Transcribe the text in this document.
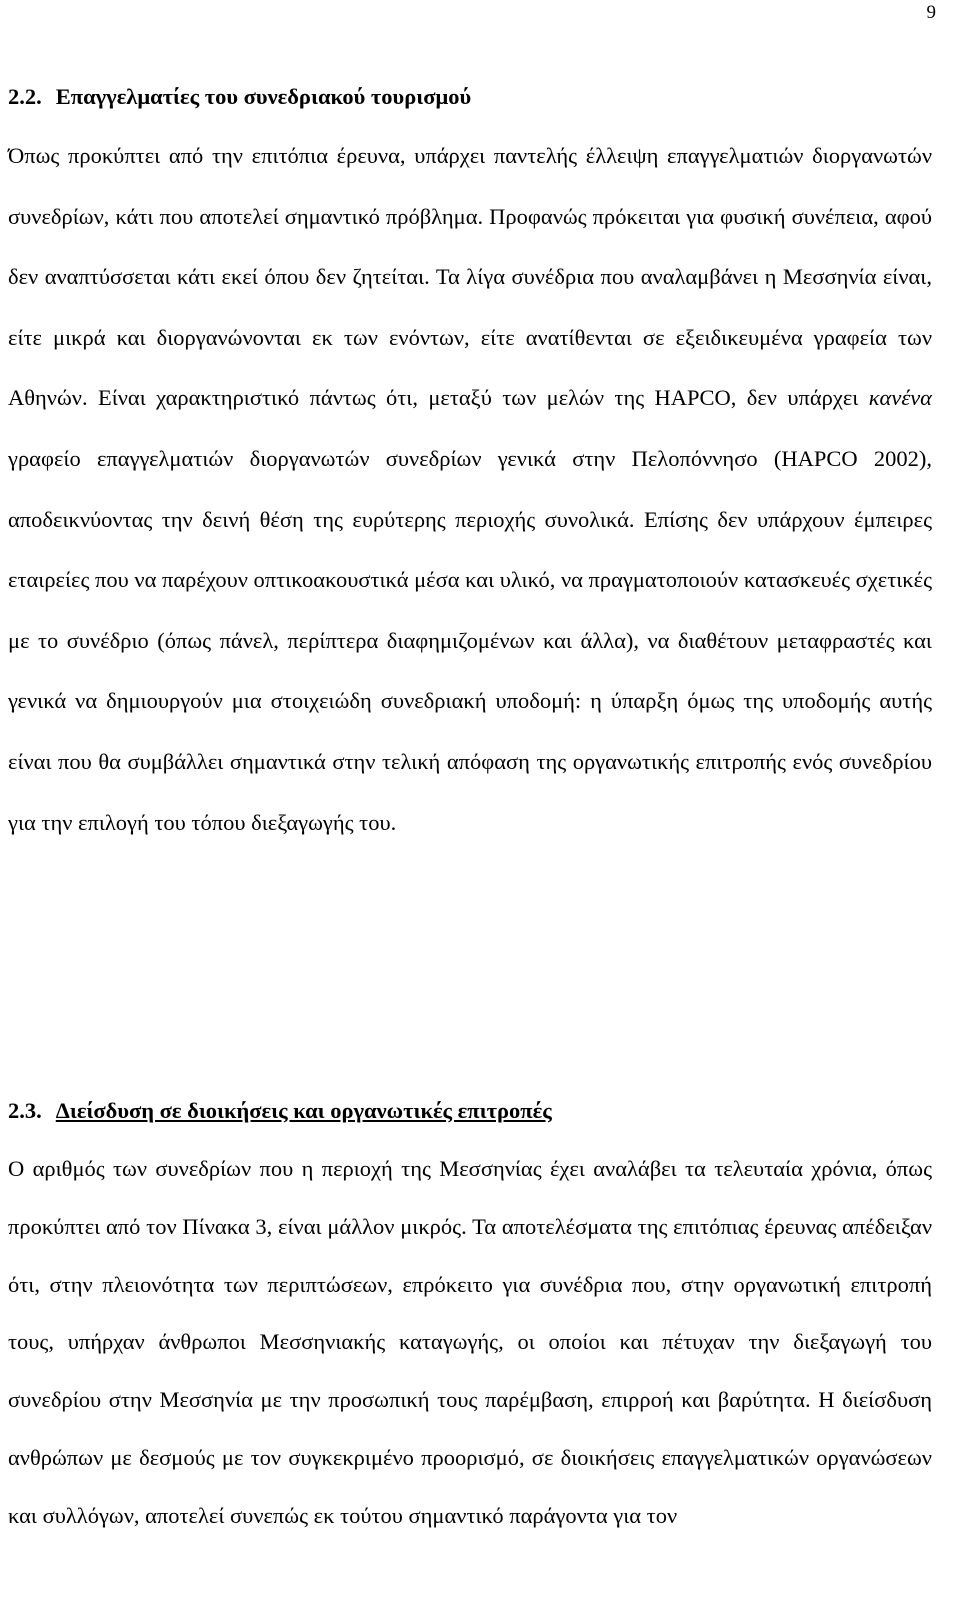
9
2.2. Επαγγελματίες του συνεδριακού τουρισμού

Όπως προκύπτει από την επιτόπια έρευνα, υπάρχει παντελής έλλειψη επαγγελματιών διοργανωτών συνεδρίων, κάτι που αποτελεί σημαντικό πρόβλημα. Προφανώς πρόκειται για φυσική συνέπεια, αφού δεν αναπτύσσεται κάτι εκεί όπου δεν ζητείται. Τα λίγα συνέδρια που αναλαμβάνει η Μεσσηνία είναι, είτε μικρά και διοργανώνονται εκ των ενόντων, είτε ανατίθενται σε εξειδικευμένα γραφεία των Αθηνών. Είναι χαρακτηριστικό πάντως ότι, μεταξύ των μελών της HAPCO, δεν υπάρχει κανένα γραφείο επαγγελματιών διοργανωτών συνεδρίων γενικά στην Πελοπόννησο (HAPCO 2002), αποδεικνύοντας την δεινή θέση της ευρύτερης περιοχής συνολικά. Επίσης δεν υπάρχουν έμπειρες εταιρείες που να παρέχουν οπτικοακουστικά μέσα και υλικό, να πραγματοποιούν κατασκευές σχετικές με το συνέδριο (όπως πάνελ, περίπτερα διαφημιζομένων και άλλα), να διαθέτουν μεταφραστές και γενικά να δημιουργούν μια στοιχειώδη συνεδριακή υποδομή: η ύπαρξη όμως της υποδομής αυτής είναι που θα συμβάλλει σημαντικά στην τελική απόφαση της οργανωτικής επιτροπής ενός συνεδρίου για την επιλογή του τόπου διεξαγωγής του.

2.3. Διείσδυση σε διοικήσεις και οργανωτικές επιτροπές

Ο αριθμός των συνεδρίων που η περιοχή της Μεσσηνίας έχει αναλάβει τα τελευταία χρόνια, όπως προκύπτει από τον Πίνακα 3, είναι μάλλον μικρός. Τα αποτελέσματα της επιτόπιας έρευνας απέδειξαν ότι, στην πλειονότητα των περιπτώσεων, επρόκειτο για συνέδρια που, στην οργανωτική επιτροπή τους, υπήρχαν άνθρωποι Μεσσηνιακής καταγωγής, οι οποίοι και πέτυχαν την διεξαγωγή του συνεδρίου στην Μεσσηνία με την προσωπική τους παρέμβαση, επιρροή και βαρύτητα. Η διείσδυση ανθρώπων με δεσμούς με τον συγκεκριμένο προορισμό, σε διοικήσεις επαγγελματικών οργανώσεων και συλλόγων, αποτελεί συνεπώς εκ τούτου σημαντικό παράγοντα για τον
